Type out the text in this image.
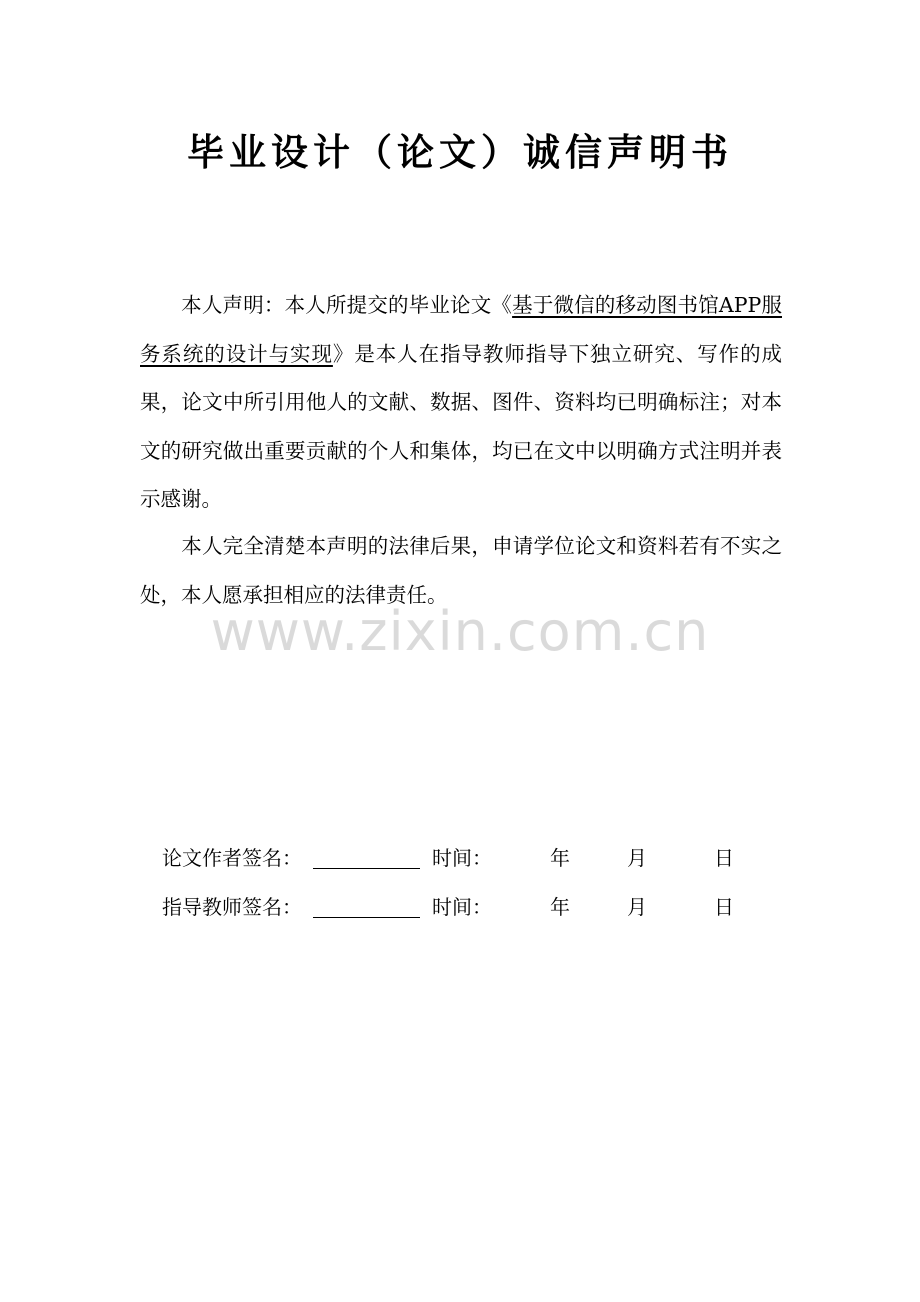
毕业设计（论文）诚信声明书

本人声明：本人所提交的毕业论文《基于微信的移动图书馆APP服务系统的设计与实现》是本人在指导教师指导下独立研究、写作的成果，论文中所引用他人的文献、数据、图件、资料均已明确标注；对本文的研究做出重要贡献的个人和集体，均已在文中以明确方式注明并表示感谢。

本人完全清楚本声明的法律后果，申请学位论文和资料若有不实之处，本人愿承担相应的法律责任。

www.zixin.com.cn
论文作者签名：	时间：	年	月	日
指导教师签名：	时间：	年	月	日
